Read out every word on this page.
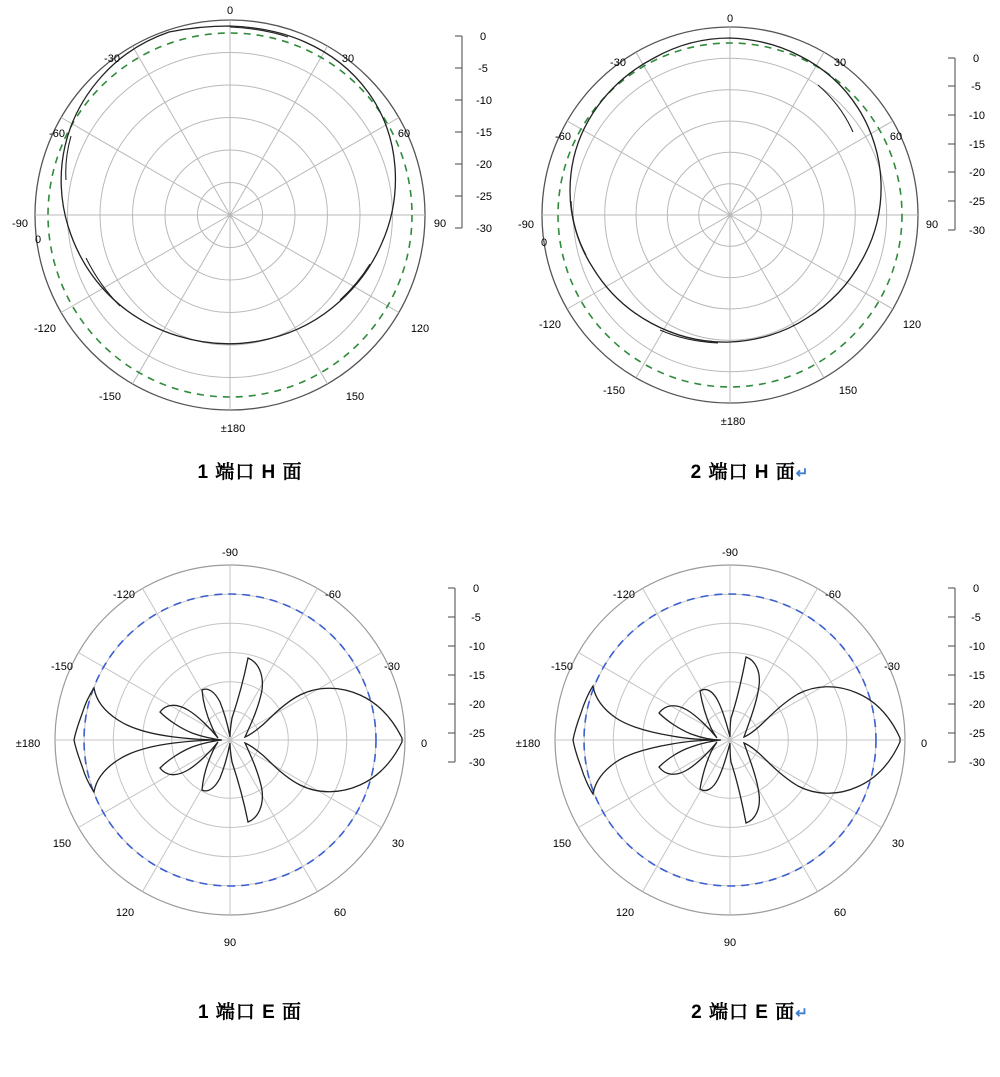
0
-5
-10
-15
-20
-25
-30
0
30
60
90
120
150
±180
-150
-120
-90
-60
-30
0
1 端口 H 面
0
-5
-10
-15
-20
-25
-30
0
30
60
90
120
150
±180
-150
-120
-90
-60
-30
0
2 端口 H 面↵
0
-5
-10
-15
-20
-25
-30
-90
-60
-30
0
30
60
90
120
150
±180
-150
-120
1 端口 E 面
0
-5
-10
-15
-20
-25
-30
-90
-60
-30
0
30
60
90
120
150
±180
-150
-120
2 端口 E 面↵
